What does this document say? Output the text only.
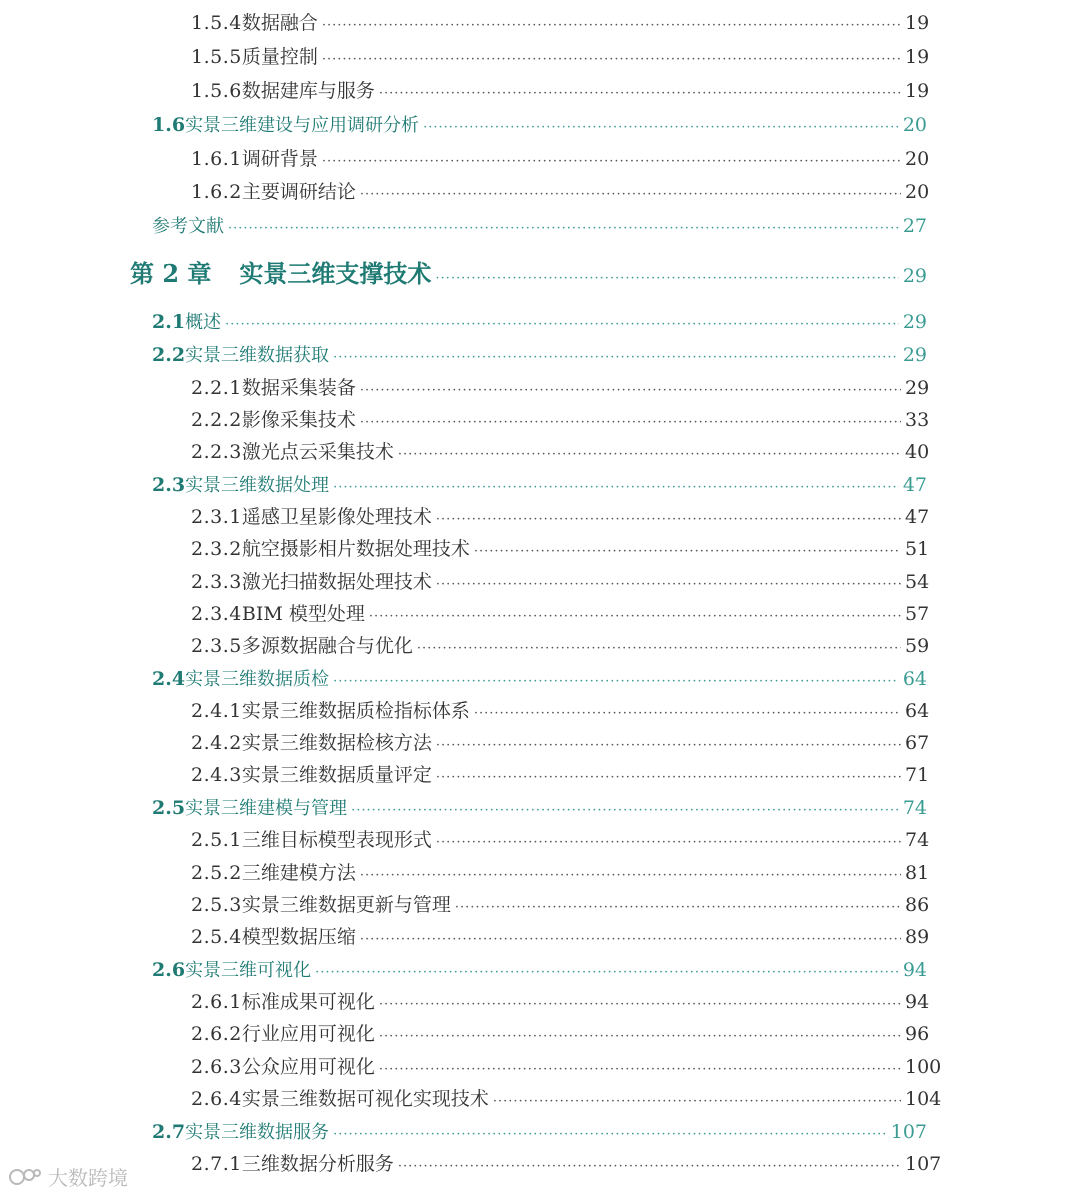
1.5.4 数据融合 ·····	19
1.5.5 质量控制 ·····	19
1.5.6 数据建库与服务 ·····	19
1.6 实景三维建设与应用调研分析 ·····	20
1.6.1 调研背景 ·····	20
1.6.2 主要调研结论 ·····	20
参考文献 ·····	27
第 2 章 实景三维支撑技术 ·····	29
2.1 概述 ·····	29
2.2 实景三维数据获取 ·····	29
2.2.1 数据采集装备 ·····	29
2.2.2 影像采集技术 ·····	33
2.2.3 激光点云采集技术 ·····	40
2.3 实景三维数据处理 ·····	47
2.3.1 遥感卫星影像处理技术 ·····	47
2.3.2 航空摄影相片数据处理技术 ·····	51
2.3.3 激光扫描数据处理技术 ·····	54
2.3.4 BIM 模型处理 ·····	57
2.3.5 多源数据融合与优化 ·····	59
2.4 实景三维数据质检 ·····	64
2.4.1 实景三维数据质检指标体系 ·····	64
2.4.2 实景三维数据检核方法 ·····	67
2.4.3 实景三维数据质量评定 ·····	71
2.5 实景三维建模与管理 ·····	74
2.5.1 三维目标模型表现形式 ·····	74
2.5.2 三维建模方法 ·····	81
2.5.3 实景三维数据更新与管理 ·····	86
2.5.4 模型数据压缩 ·····	89
2.6 实景三维可视化 ·····	94
2.6.1 标准成果可视化 ·····	94
2.6.2 行业应用可视化 ·····	96
2.6.3 公众应用可视化 ·····	100
2.6.4 实景三维数据可视化实现技术 ·····	104
2.7 实景三维数据服务 ·····	107
2.7.1 三维数据分析服务 ·····	107
大数跨境
